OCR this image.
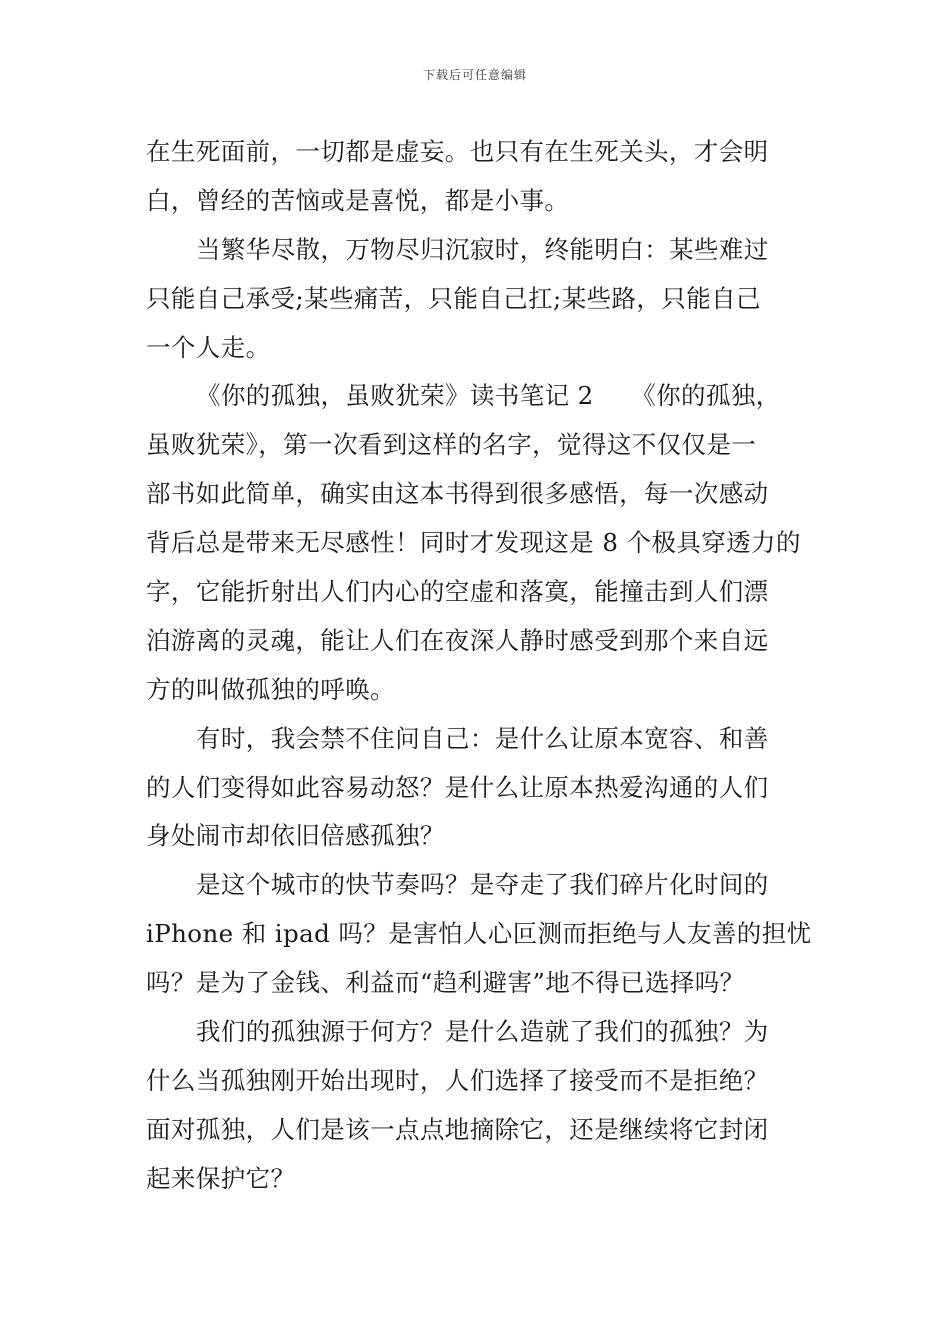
下载后可任意编辑
在生死面前，一切都是虚妄。也只有在生死关头，才会明
白，曾经的苦恼或是喜悦，都是小事。
当繁华尽散，万物尽归沉寂时，终能明白：某些难过
只能自己承受;某些痛苦，只能自己扛;某些路，只能自己
一个人走。
《你的孤独，虽败犹荣》读书笔记 2　　《你的孤独，
虽败犹荣》，第一次看到这样的名字，觉得这不仅仅是一
部书如此简单，确实由这本书得到很多感悟，每一次感动
背后总是带来无尽感性！同时才发现这是 8 个极具穿透力的
字，它能折射出人们内心的空虚和落寞，能撞击到人们漂
泊游离的灵魂，能让人们在夜深人静时感受到那个来自远
方的叫做孤独的呼唤。
有时，我会禁不住问自己：是什么让原本宽容、和善
的人们变得如此容易动怒？是什么让原本热爱沟通的人们
身处闹市却依旧倍感孤独？
是这个城市的快节奏吗？是夺走了我们碎片化时间的
iPhone 和 ipad 吗？是害怕人心叵测而拒绝与人友善的担忧
吗？是为了金钱、利益而“趋利避害”地不得已选择吗？
我们的孤独源于何方？是什么造就了我们的孤独？为
什么当孤独刚开始出现时，人们选择了接受而不是拒绝？
面对孤独，人们是该一点点地摘除它，还是继续将它封闭
起来保护它？
